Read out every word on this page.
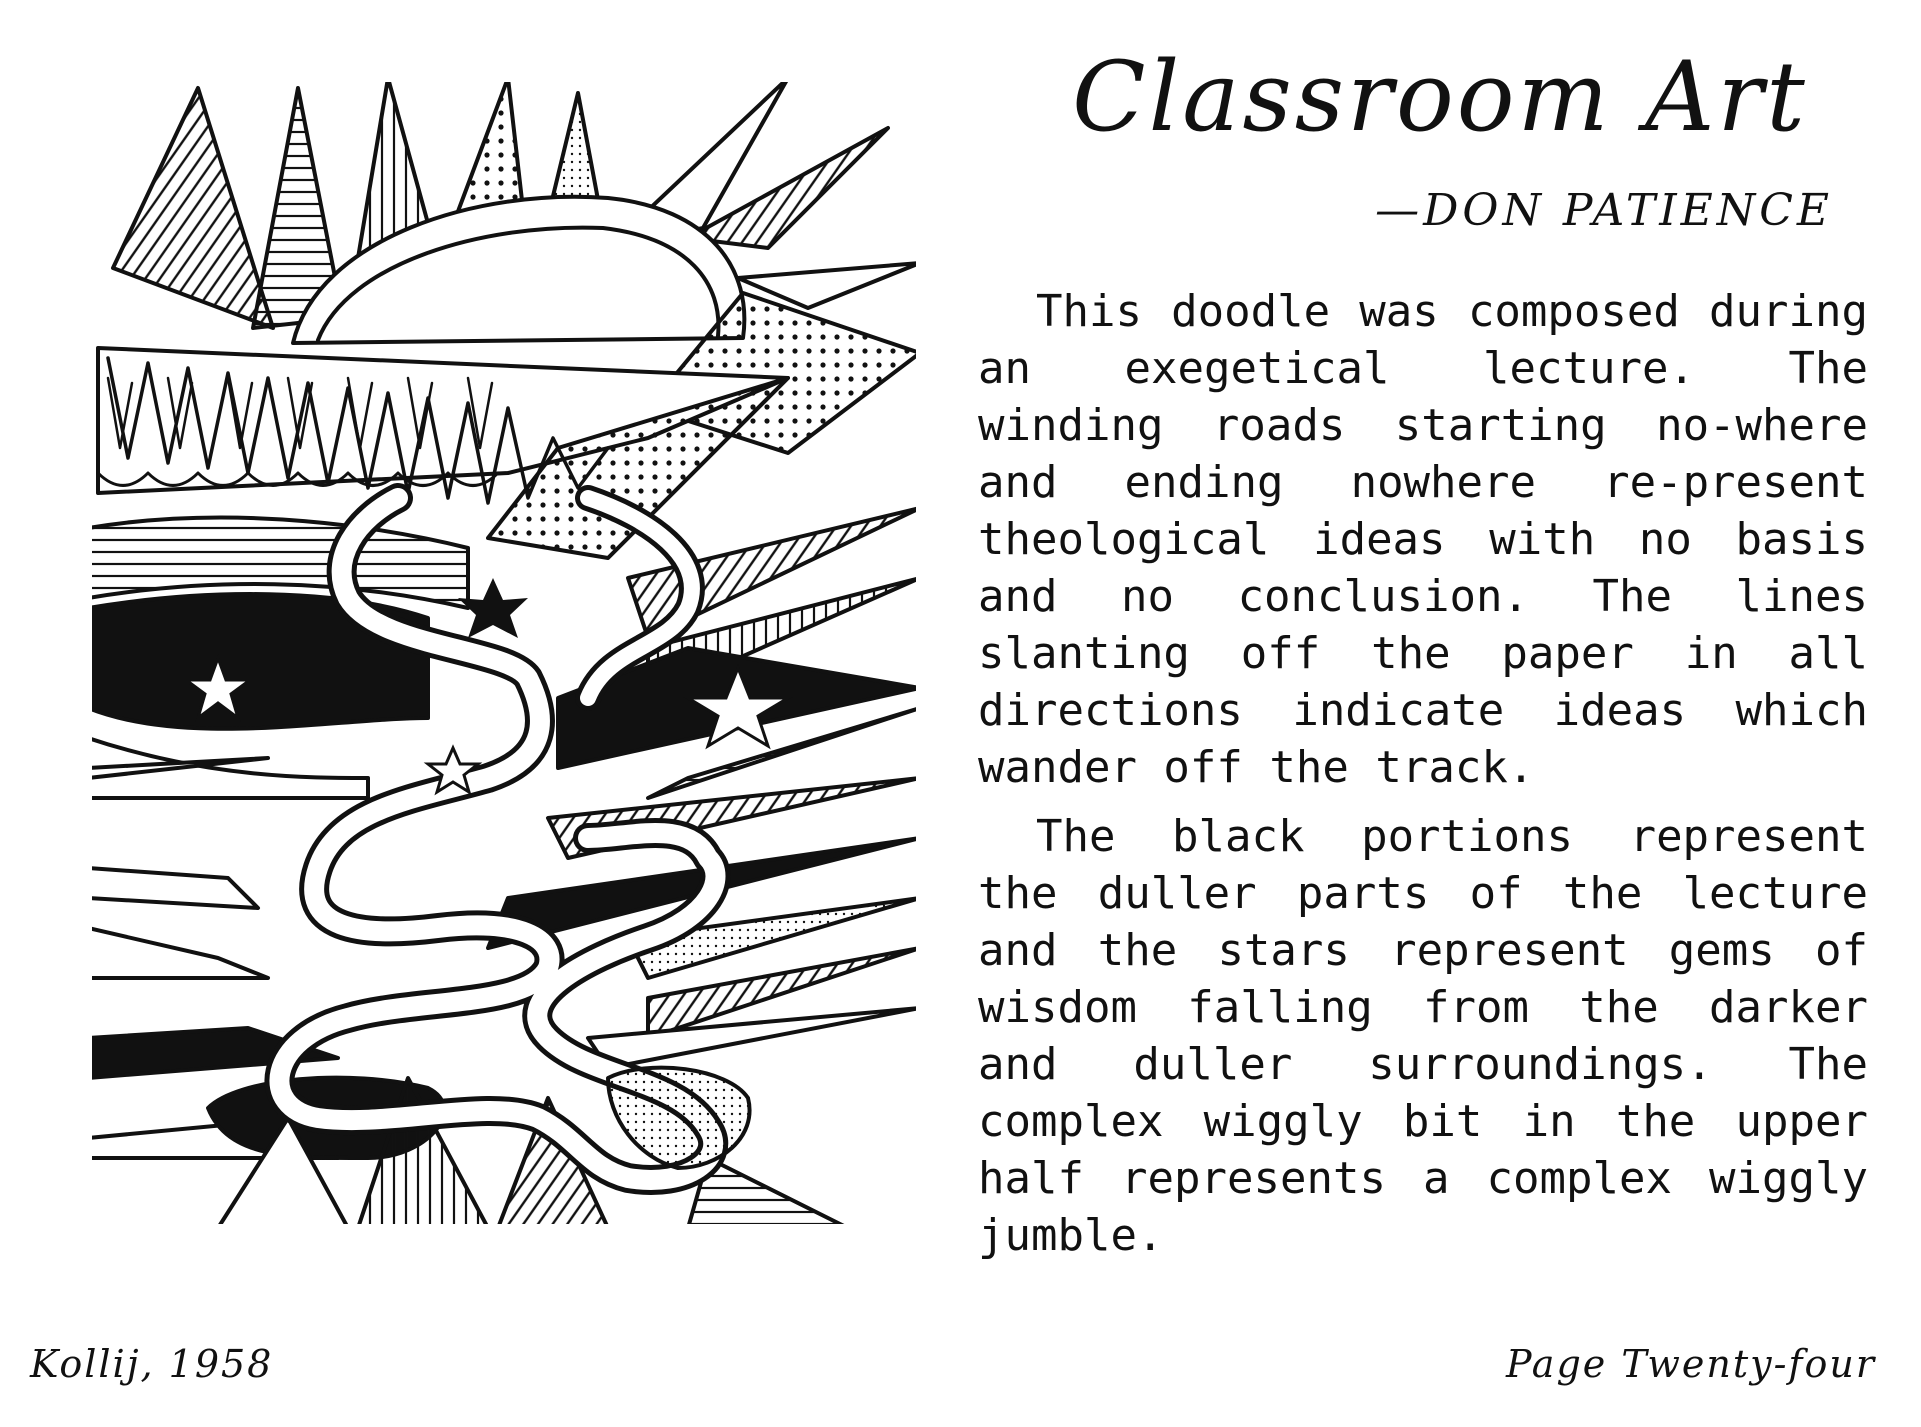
Classroom Art
—DON PATIENCE

This doodle was composed during an exegetical lecture. The winding roads starting no-where and ending nowhere re-present theological ideas with no basis and no conclusion. The lines slanting off the paper in all directions indicate ideas which wander off the track.

The black portions represent the duller parts of the lecture and the stars represent gems of wisdom falling from the darker and duller surroundings. The complex wiggly bit in the upper half represents a complex wiggly jumble.

Kollij, 1958	Page Twenty-four
